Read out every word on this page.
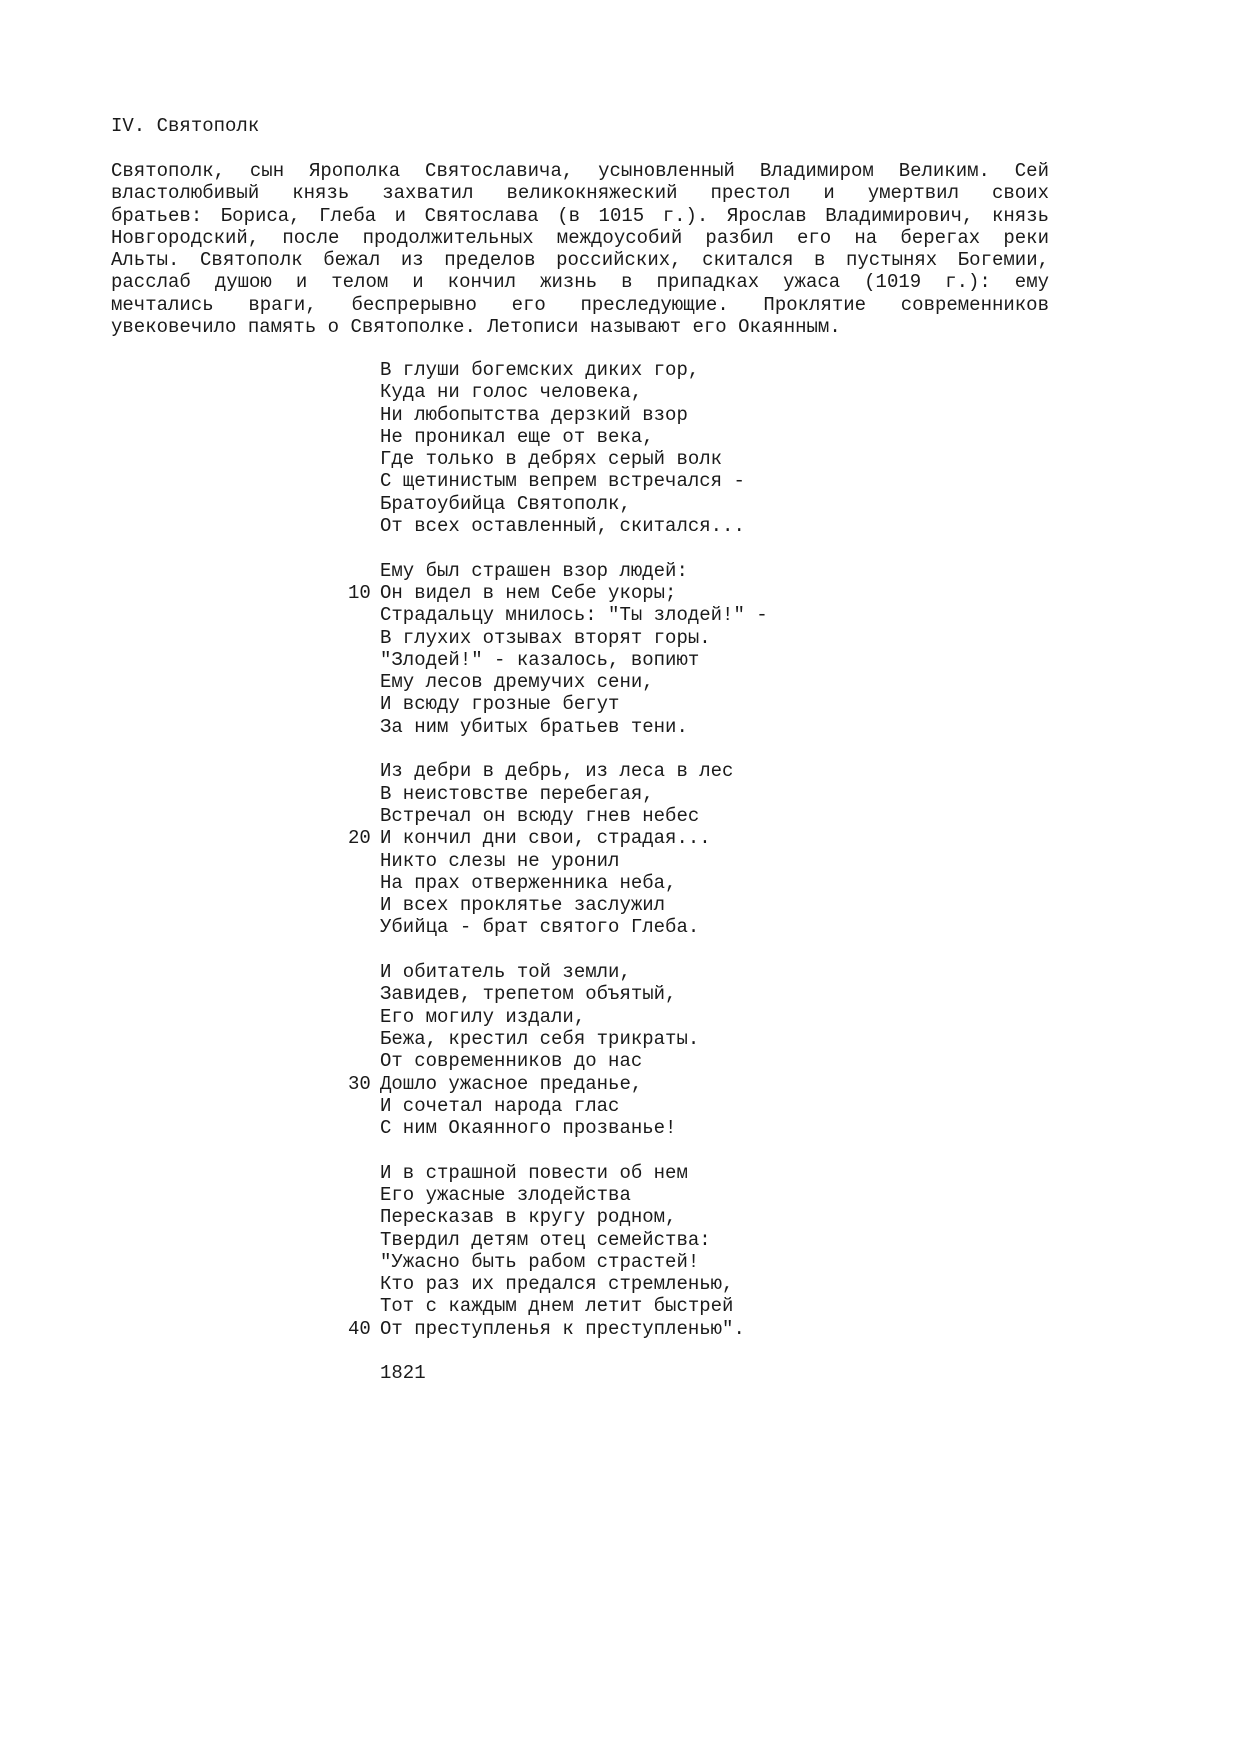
IV. Святополк
Святополк, сын Ярополка Святославича, усыновленный Владимиром Великим. Сей
властолюбивый князь захватил великокняжеский престол и умертвил своих
братьев: Бориса, Глеба и Святослава (в 1015 г.). Ярослав Владимирович, князь
Новгородский, после продолжительных междоусобий разбил его на берегах реки
Альты. Святополк бежал из пределов российских, скитался в пустынях Богемии,
расслаб душою и телом и кончил жизнь в припадках ужаса (1019 г.): ему
мечтались враги, беспрерывно его преследующие. Проклятие современников
увековечило память о Святополке. Летописи называют его Окаянным.
В глуши богемских диких гор,
Куда ни голос человека,
Ни любопытства дерзкий взор
Не проникал еще от века,
Где только в дебрях серый волк
С щетинистым вепрем встречался -
Братоубийца Святополк,
От всех оставленный, скитался...
Ему был страшен взор людей:
10 Он видел в нем Себе укоры;
Страдальцу мнилось: "Ты злодей!" -
В глухих отзывах вторят горы.
"Злодей!" - казалось, вопиют
Ему лесов дремучих сени,
И всюду грозные бегут
За ним убитых братьев тени.
Из дебри в дебрь, из леса в лес
В неистовстве перебегая,
Встречал он всюду гнев небес
20 И кончил дни свои, страдая...
Никто слезы не уронил
На прах отверженника неба,
И всех проклятье заслужил
Убийца - брат святого Глеба.
И обитатель той земли,
Завидев, трепетом объятый,
Его могилу издали,
Бежа, крестил себя трикраты.
От современников до нас
30 Дошло ужасное преданье,
И сочетал народа глас
С ним Окаянного прозванье!
И в страшной повести об нем
Его ужасные злодейства
Пересказав в кругу родном,
Твердил детям отец семейства:
"Ужасно быть рабом страстей!
Кто раз их предался стремленью,
Тот с каждым днем летит быстрей
40 От преступленья к преступленью".
1821
